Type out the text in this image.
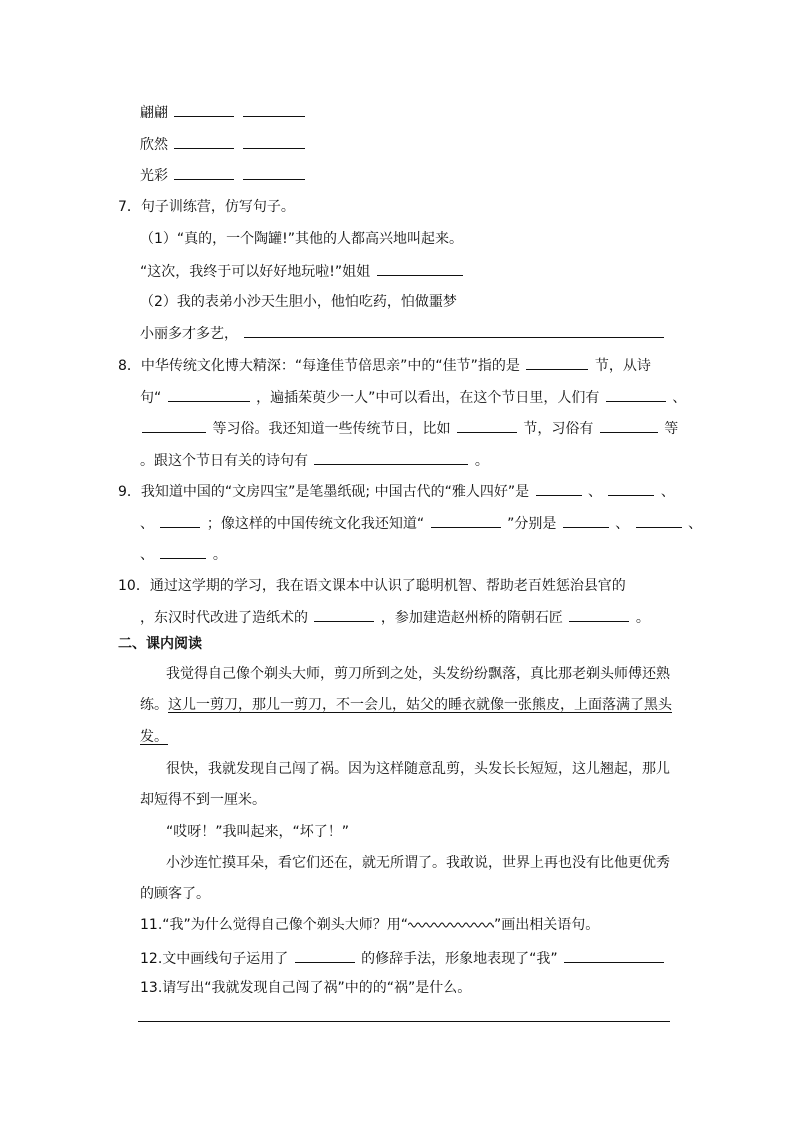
翩翩
欣然
光彩
7．句子训练营，仿写句子。
（1）“真的，一个陶罐!”其他的人都高兴地叫起来。
“这次，我终于可以好好地玩啦!”姐姐
（2）我的表弟小沙天生胆小，他怕吃药，怕做噩梦
小丽多才多艺，
8．中华传统文化博大精深：“每逢佳节倍思亲”中的“佳节”指的是	节，从诗
句“	，遍插茱萸少一人”中可以看出，在这个节日里，人们有	、
等习俗。我还知道一些传统节日，比如	节，习俗有	等
。跟这个节日有关的诗句有	。
9．我知道中国的“文房四宝”是笔墨纸砚; 中国古代的“雅人四好”是	、	、
、	；像这样的中国传统文化我还知道“	”分别是	、	、
、	。
10．通过这学期的学习，我在语文课本中认识了聪明机智、帮助老百姓惩治县官的
，东汉时代改进了造纸术的	，参加建造赵州桥的隋朝石匠	。
二、课内阅读
我觉得自己像个剃头大师，剪刀所到之处，头发纷纷飘落，真比那老剃头师傅还熟
练。这儿一剪刀，那儿一剪刀，不一会儿，姑父的睡衣就像一张熊皮，上面落满了黑头
发。
很快，我就发现自己闯了祸。因为这样随意乱剪，头发长长短短，这儿翘起，那儿
却短得不到一厘米。
“哎呀！”我叫起来，“坏了！”
小沙连忙摸耳朵，看它们还在，就无所谓了。我敢说，世界上再也没有比他更优秀
的顾客了。
11.“我”为什么觉得自己像个剃头大师？用“	”画出相关语句。
12.文中画线句子运用了	的修辞手法，形象地表现了“我”
13.请写出“我就发现自己闯了祸”中的的“祸”是什么。
